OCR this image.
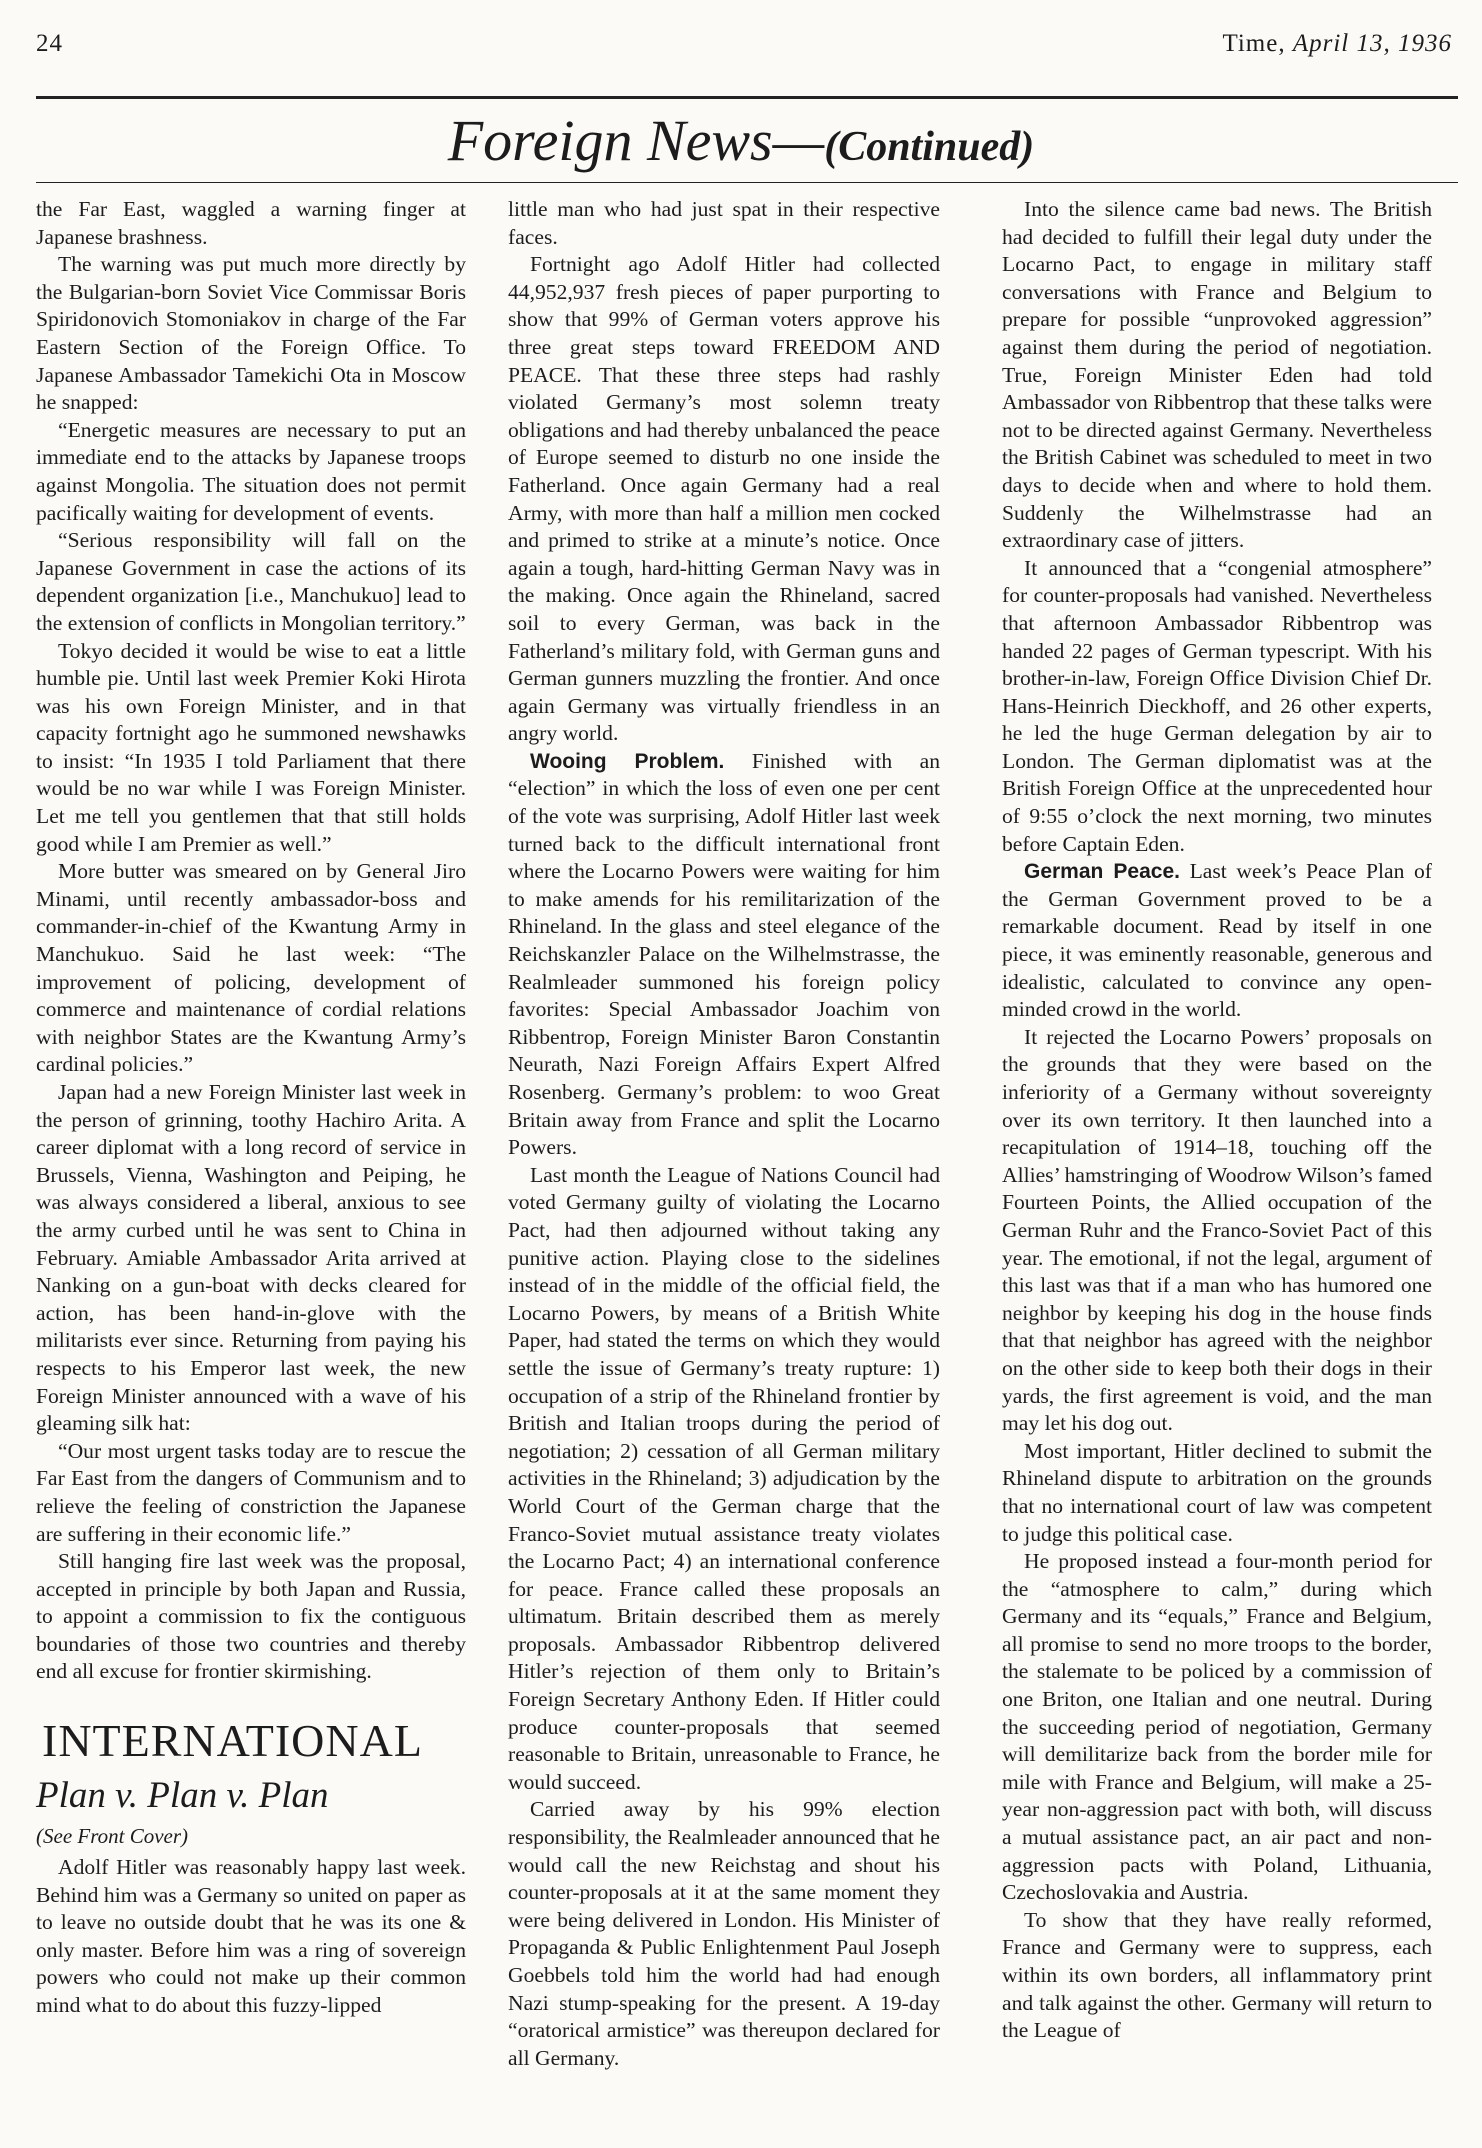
24	Time, April 13, 1936
Foreign News—(Continued)

the Far East, waggled a warning finger at Japanese brashness.

The warning was put much more directly by the Bulgarian-born Soviet Vice Commissar Boris Spiridonovich Stomoniakov in charge of the Far Eastern Section of the Foreign Office. To Japanese Ambassador Tamekichi Ota in Moscow he snapped:

“Energetic measures are necessary to put an immediate end to the attacks by Japanese troops against Mongolia. The situation does not permit pacifically waiting for development of events.

“Serious responsibility will fall on the Japanese Government in case the actions of its dependent organization [i.e., Manchukuo] lead to the extension of conflicts in Mongolian territory.”

Tokyo decided it would be wise to eat a little humble pie. Until last week Premier Koki Hirota was his own Foreign Minister, and in that capacity fortnight ago he summoned newshawks to insist: “In 1935 I told Parliament that there would be no war while I was Foreign Minister. Let me tell you gentlemen that that still holds good while I am Premier as well.”

More butter was smeared on by General Jiro Minami, until recently ambassador-boss and commander-in-chief of the Kwantung Army in Manchukuo. Said he last week: “The improvement of policing, development of commerce and maintenance of cordial relations with neighbor States are the Kwantung Army’s cardinal policies.”

Japan had a new Foreign Minister last week in the person of grinning, toothy Hachiro Arita. A career diplomat with a long record of service in Brussels, Vienna, Washington and Peiping, he was always considered a liberal, anxious to see the army curbed until he was sent to China in February. Amiable Ambassador Arita arrived at Nanking on a gun-boat with decks cleared for action, has been hand-in-glove with the militarists ever since. Returning from paying his respects to his Emperor last week, the new Foreign Minister announced with a wave of his gleaming silk hat:

“Our most urgent tasks today are to rescue the Far East from the dangers of Communism and to relieve the feeling of constriction the Japanese are suffering in their economic life.”

Still hanging fire last week was the proposal, accepted in principle by both Japan and Russia, to appoint a commission to fix the contiguous boundaries of those two countries and thereby end all excuse for frontier skirmishing.

INTERNATIONAL
Plan v. Plan v. Plan
(See Front Cover)

Adolf Hitler was reasonably happy last week. Behind him was a Germany so united on paper as to leave no outside doubt that he was its one & only master. Before him was a ring of sovereign powers who could not make up their common mind what to do about this fuzzy-lipped

little man who had just spat in their respective faces.

Fortnight ago Adolf Hitler had collected 44,952,937 fresh pieces of paper purporting to show that 99% of German voters approve his three great steps toward FREEDOM AND PEACE. That these three steps had rashly violated Germany’s most solemn treaty obligations and had thereby unbalanced the peace of Europe seemed to disturb no one inside the Fatherland. Once again Germany had a real Army, with more than half a million men cocked and primed to strike at a minute’s notice. Once again a tough, hard-hitting German Navy was in the making. Once again the Rhineland, sacred soil to every German, was back in the Fatherland’s military fold, with German guns and German gunners muzzling the frontier. And once again Germany was virtually friendless in an angry world.

Wooing Problem. Finished with an “election” in which the loss of even one per cent of the vote was surprising, Adolf Hitler last week turned back to the difficult international front where the Locarno Powers were waiting for him to make amends for his remilitarization of the Rhineland. In the glass and steel elegance of the Reichskanzler Palace on the Wilhelmstrasse, the Realmleader summoned his foreign policy favorites: Special Ambassador Joachim von Ribbentrop, Foreign Minister Baron Constantin Neurath, Nazi Foreign Affairs Expert Alfred Rosenberg. Germany’s problem: to woo Great Britain away from France and split the Locarno Powers.

Last month the League of Nations Council had voted Germany guilty of violating the Locarno Pact, had then adjourned without taking any punitive action. Playing close to the sidelines instead of in the middle of the official field, the Locarno Powers, by means of a British White Paper, had stated the terms on which they would settle the issue of Germany’s treaty rupture: 1) occupation of a strip of the Rhineland frontier by British and Italian troops during the period of negotiation; 2) cessation of all German military activities in the Rhineland; 3) adjudication by the World Court of the German charge that the Franco-Soviet mutual assistance treaty violates the Locarno Pact; 4) an international conference for peace. France called these proposals an ultimatum. Britain described them as merely proposals. Ambassador Ribbentrop delivered Hitler’s rejection of them only to Britain’s Foreign Secretary Anthony Eden. If Hitler could produce counter-proposals that seemed reasonable to Britain, unreasonable to France, he would succeed.

Carried away by his 99% election responsibility, the Realmleader announced that he would call the new Reichstag and shout his counter-proposals at it at the same moment they were being delivered in London. His Minister of Propaganda & Public Enlightenment Paul Joseph Goebbels told him the world had had enough Nazi stump-speaking for the present. A 19-day “oratorical armistice” was thereupon declared for all Germany.

Into the silence came bad news. The British had decided to fulfill their legal duty under the Locarno Pact, to engage in military staff conversations with France and Belgium to prepare for possible “unprovoked aggression” against them during the period of negotiation. True, Foreign Minister Eden had told Ambassador von Ribbentrop that these talks were not to be directed against Germany. Nevertheless the British Cabinet was scheduled to meet in two days to decide when and where to hold them. Suddenly the Wilhelmstrasse had an extraordinary case of jitters.

It announced that a “congenial atmosphere” for counter-proposals had vanished. Nevertheless that afternoon Ambassador Ribbentrop was handed 22 pages of German typescript. With his brother-in-law, Foreign Office Division Chief Dr. Hans-Heinrich Dieckhoff, and 26 other experts, he led the huge German delegation by air to London. The German diplomatist was at the British Foreign Office at the unprecedented hour of 9:55 o’clock the next morning, two minutes before Captain Eden.

German Peace. Last week’s Peace Plan of the German Government proved to be a remarkable document. Read by itself in one piece, it was eminently reasonable, generous and idealistic, calculated to convince any open-minded crowd in the world.

It rejected the Locarno Powers’ proposals on the grounds that they were based on the inferiority of a Germany without sovereignty over its own territory. It then launched into a recapitulation of 1914–18, touching off the Allies’ hamstringing of Woodrow Wilson’s famed Fourteen Points, the Allied occupation of the German Ruhr and the Franco-Soviet Pact of this year. The emotional, if not the legal, argument of this last was that if a man who has humored one neighbor by keeping his dog in the house finds that that neighbor has agreed with the neighbor on the other side to keep both their dogs in their yards, the first agreement is void, and the man may let his dog out.

Most important, Hitler declined to submit the Rhineland dispute to arbitration on the grounds that no international court of law was competent to judge this political case.

He proposed instead a four-month period for the “atmosphere to calm,” during which Germany and its “equals,” France and Belgium, all promise to send no more troops to the border, the stalemate to be policed by a commission of one Briton, one Italian and one neutral. During the succeeding period of negotiation, Germany will demilitarize back from the border mile for mile with France and Belgium, will make a 25-year non-aggression pact with both, will discuss a mutual assistance pact, an air pact and non-aggression pacts with Poland, Lithuania, Czechoslovakia and Austria.

To show that they have really reformed, France and Germany were to suppress, each within its own borders, all inflammatory print and talk against the other. Germany will return to the League of
